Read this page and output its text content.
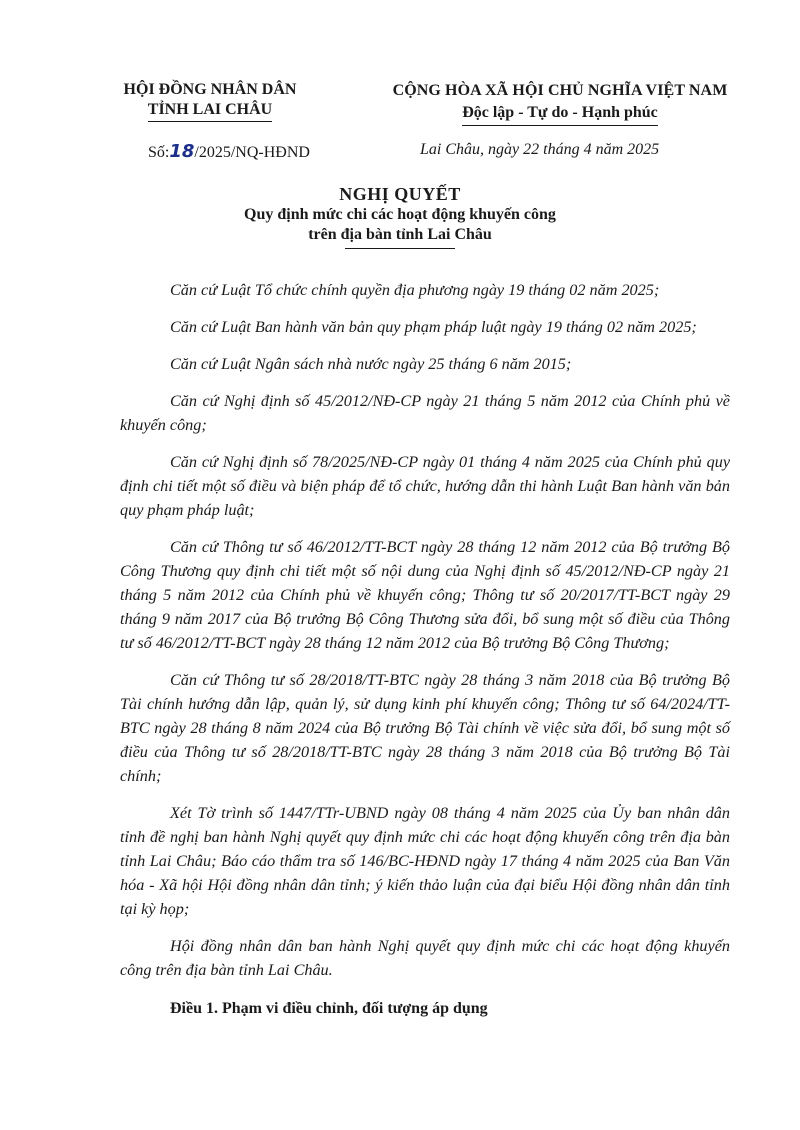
HỘI ĐỒNG NHÂN DÂN
TỈNH LAI CHÂU
CỘNG HÒA XÃ HỘI CHỦ NGHĨA VIỆT NAM
Độc lập - Tự do - Hạnh phúc
Số:18/2025/NQ-HĐND	Lai Châu, ngày 22 tháng 4 năm 2025
NGHỊ QUYẾT
Quy định mức chi các hoạt động khuyến công
trên địa bàn tỉnh Lai Châu

Căn cứ Luật Tổ chức chính quyền địa phương ngày 19 tháng 02 năm 2025;

Căn cứ Luật Ban hành văn bản quy phạm pháp luật ngày 19 tháng 02 năm 2025;

Căn cứ Luật Ngân sách nhà nước ngày 25 tháng 6 năm 2015;

Căn cứ Nghị định số 45/2012/NĐ-CP ngày 21 tháng 5 năm 2012 của Chính phủ về khuyến công;

Căn cứ Nghị định số 78/2025/NĐ-CP ngày 01 tháng 4 năm 2025 của Chính phủ quy định chi tiết một số điều và biện pháp để tổ chức, hướng dẫn thi hành Luật Ban hành văn bản quy phạm pháp luật;

Căn cứ Thông tư số 46/2012/TT-BCT ngày 28 tháng 12 năm 2012 của Bộ trưởng Bộ Công Thương quy định chi tiết một số nội dung của Nghị định số 45/2012/NĐ-CP ngày 21 tháng 5 năm 2012 của Chính phủ về khuyến công; Thông tư số 20/2017/TT-BCT ngày 29 tháng 9 năm 2017 của Bộ trưởng Bộ Công Thương sửa đổi, bổ sung một số điều của Thông tư số 46/2012/TT-BCT ngày 28 tháng 12 năm 2012 của Bộ trưởng Bộ Công Thương;

Căn cứ Thông tư số 28/2018/TT-BTC ngày 28 tháng 3 năm 2018 của Bộ trưởng Bộ Tài chính hướng dẫn lập, quản lý, sử dụng kinh phí khuyến công; Thông tư số 64/2024/TT-BTC ngày 28 tháng 8 năm 2024 của Bộ trưởng Bộ Tài chính về việc sửa đổi, bổ sung một số điều của Thông tư số 28/2018/TT-BTC ngày 28 tháng 3 năm 2018 của Bộ trưởng Bộ Tài chính;

Xét Tờ trình số 1447/TTr-UBND ngày 08 tháng 4 năm 2025 của Ủy ban nhân dân tỉnh đề nghị ban hành Nghị quyết quy định mức chi các hoạt động khuyến công trên địa bàn tỉnh Lai Châu; Báo cáo thẩm tra số 146/BC-HĐND ngày 17 tháng 4 năm 2025 của Ban Văn hóa - Xã hội Hội đồng nhân dân tỉnh; ý kiến thảo luận của đại biểu Hội đồng nhân dân tỉnh tại kỳ họp;

Hội đồng nhân dân ban hành Nghị quyết quy định mức chi các hoạt động khuyến công trên địa bàn tỉnh Lai Châu.

Điều 1. Phạm vi điều chỉnh, đối tượng áp dụng
